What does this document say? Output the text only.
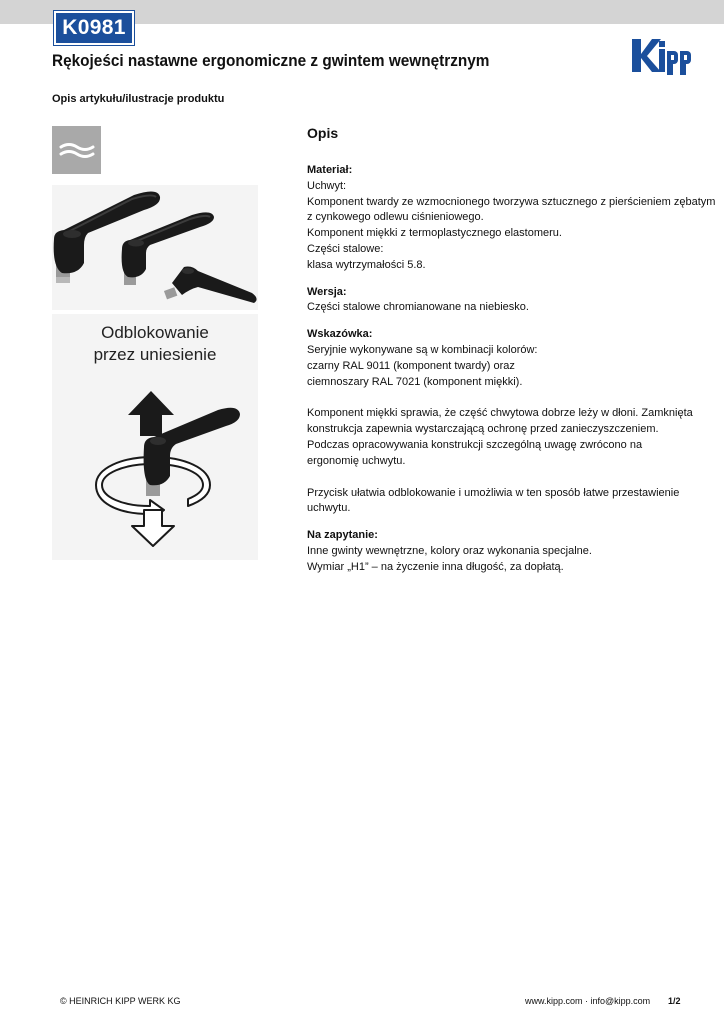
K0981
Rękojeści nastawne ergonomiczne z gwintem wewnętrznym
Opis artykułu/ilustracje produktu
Odblokowanie
przez uniesienie
Opis
Materiał:
Uchwyt:
Komponent twardy ze wzmocnionego tworzywa sztucznego z pierścieniem zębatym
z cynkowego odlewu ciśnieniowego.
Komponent miękki z termoplastycznego elastomeru.
Części stalowe:
klasa wytrzymałości 5.8.
Wersja:
Części stalowe chromianowane na niebiesko.
Wskazówka:
Seryjnie wykonywane są w kombinacji kolorów:
czarny RAL 9011 (komponent twardy) oraz
ciemnoszary RAL 7021 (komponent miękki).

Komponent miękki sprawia, że część chwytowa dobrze leży w dłoni. Zamknięta konstrukcja zapewnia wystarczającą ochronę przed zanieczyszczeniem. Podczas opracowywania konstrukcji szczególną uwagę zwrócono na ergonomię uchwytu.

Przycisk ułatwia odblokowanie i umożliwia w ten sposób łatwe przestawienie uchwytu.

Na zapytanie:
Inne gwinty wewnętrzne, kolory oraz wykonania specjalne.
Wymiar „H1” – na życzenie inna długość, za dopłatą.
© HEINRICH KIPP WERK KG	www.kipp.com · info@kipp.com 1/2
